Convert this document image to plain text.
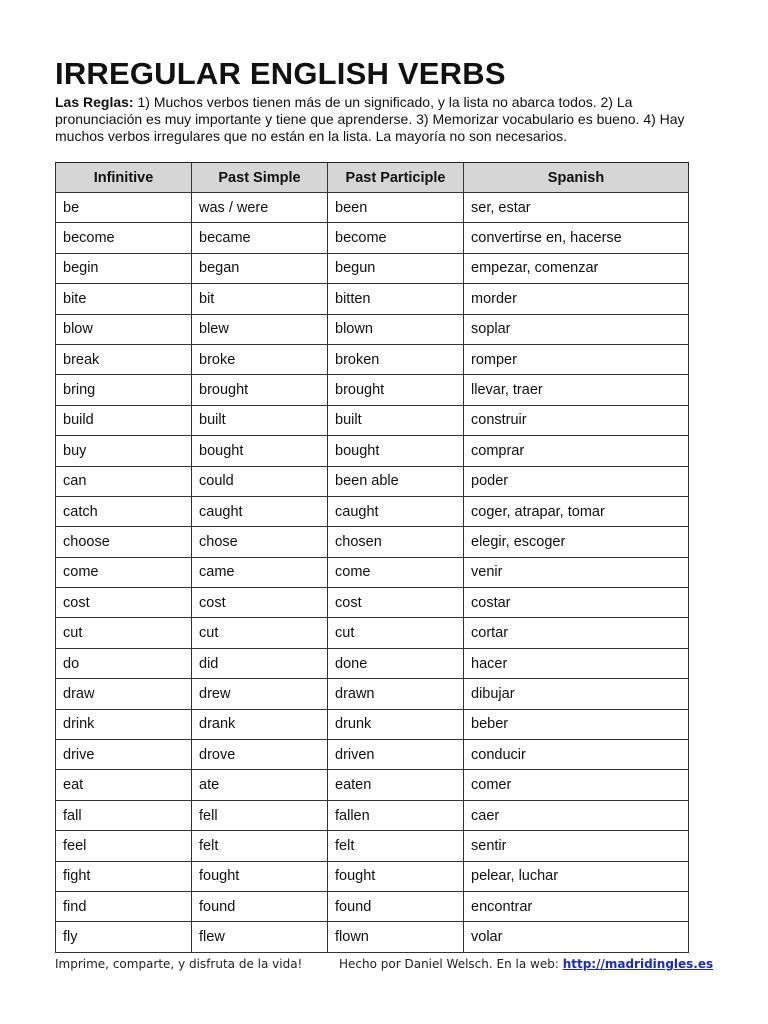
IRREGULAR ENGLISH VERBS
Las Reglas: 1) Muchos verbos tienen más de un significado, y la lista no abarca todos. 2) La pronunciación es muy importante y tiene que aprenderse. 3) Memorizar vocabulario es bueno. 4) Hay muchos verbos irregulares que no están en la lista. La mayoría no son necesarios.
Infinitive	Past Simple	Past Participle	Spanish
be	was / were	been	ser, estar
become	became	become	convertirse en, hacerse
begin	began	begun	empezar, comenzar
bite	bit	bitten	morder
blow	blew	blown	soplar
break	broke	broken	romper
bring	brought	brought	llevar, traer
build	built	built	construir
buy	bought	bought	comprar
can	could	been able	poder
catch	caught	caught	coger, atrapar, tomar
choose	chose	chosen	elegir, escoger
come	came	come	venir
cost	cost	cost	costar
cut	cut	cut	cortar
do	did	done	hacer
draw	drew	drawn	dibujar
drink	drank	drunk	beber
drive	drove	driven	conducir
eat	ate	eaten	comer
fall	fell	fallen	caer
feel	felt	felt	sentir
fight	fought	fought	pelear, luchar
find	found	found	encontrar
fly	flew	flown	volar
Imprime, comparte, y disfruta de la vida!	Hecho por Daniel Welsch. En la web: http://madridingles.es
